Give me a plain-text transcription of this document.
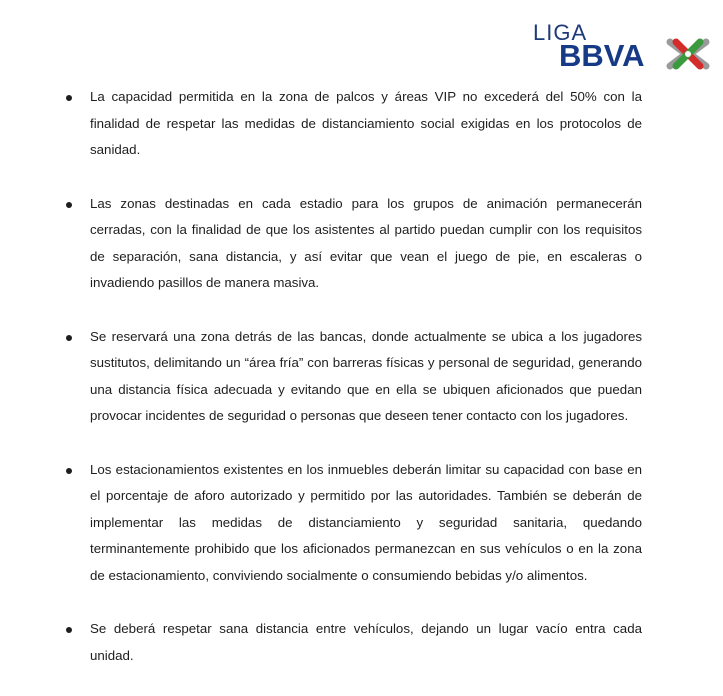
LIGA
BBVA
La capacidad permitida en la zona de palcos y áreas VIP no excederá del 50% con la finalidad de respetar las medidas de distanciamiento social exigidas en los protocolos de sanidad.
Las zonas destinadas en cada estadio para los grupos de animación permanecerán cerradas, con la finalidad de que los asistentes al partido puedan cumplir con los requisitos de separación, sana distancia, y así evitar que vean el juego de pie, en escaleras o invadiendo pasillos de manera masiva.
Se reservará una zona detrás de las bancas, donde actualmente se ubica a los jugadores sustitutos, delimitando un “área fría” con barreras físicas y personal de seguridad, generando una distancia física adecuada y evitando que en ella se ubiquen aficionados que puedan provocar incidentes de seguridad o personas que deseen tener contacto con los jugadores.
Los estacionamientos existentes en los inmuebles deberán limitar su capacidad con base en el porcentaje de aforo autorizado y permitido por las autoridades. También se deberán de implementar las medidas de distanciamiento y seguridad sanitaria, quedando terminantemente prohibido que los aficionados permanezcan en sus vehículos o en la zona de estacionamiento, conviviendo socialmente o consumiendo bebidas y/o alimentos.
Se deberá respetar sana distancia entre vehículos, dejando un lugar vacío entra cada unidad.
